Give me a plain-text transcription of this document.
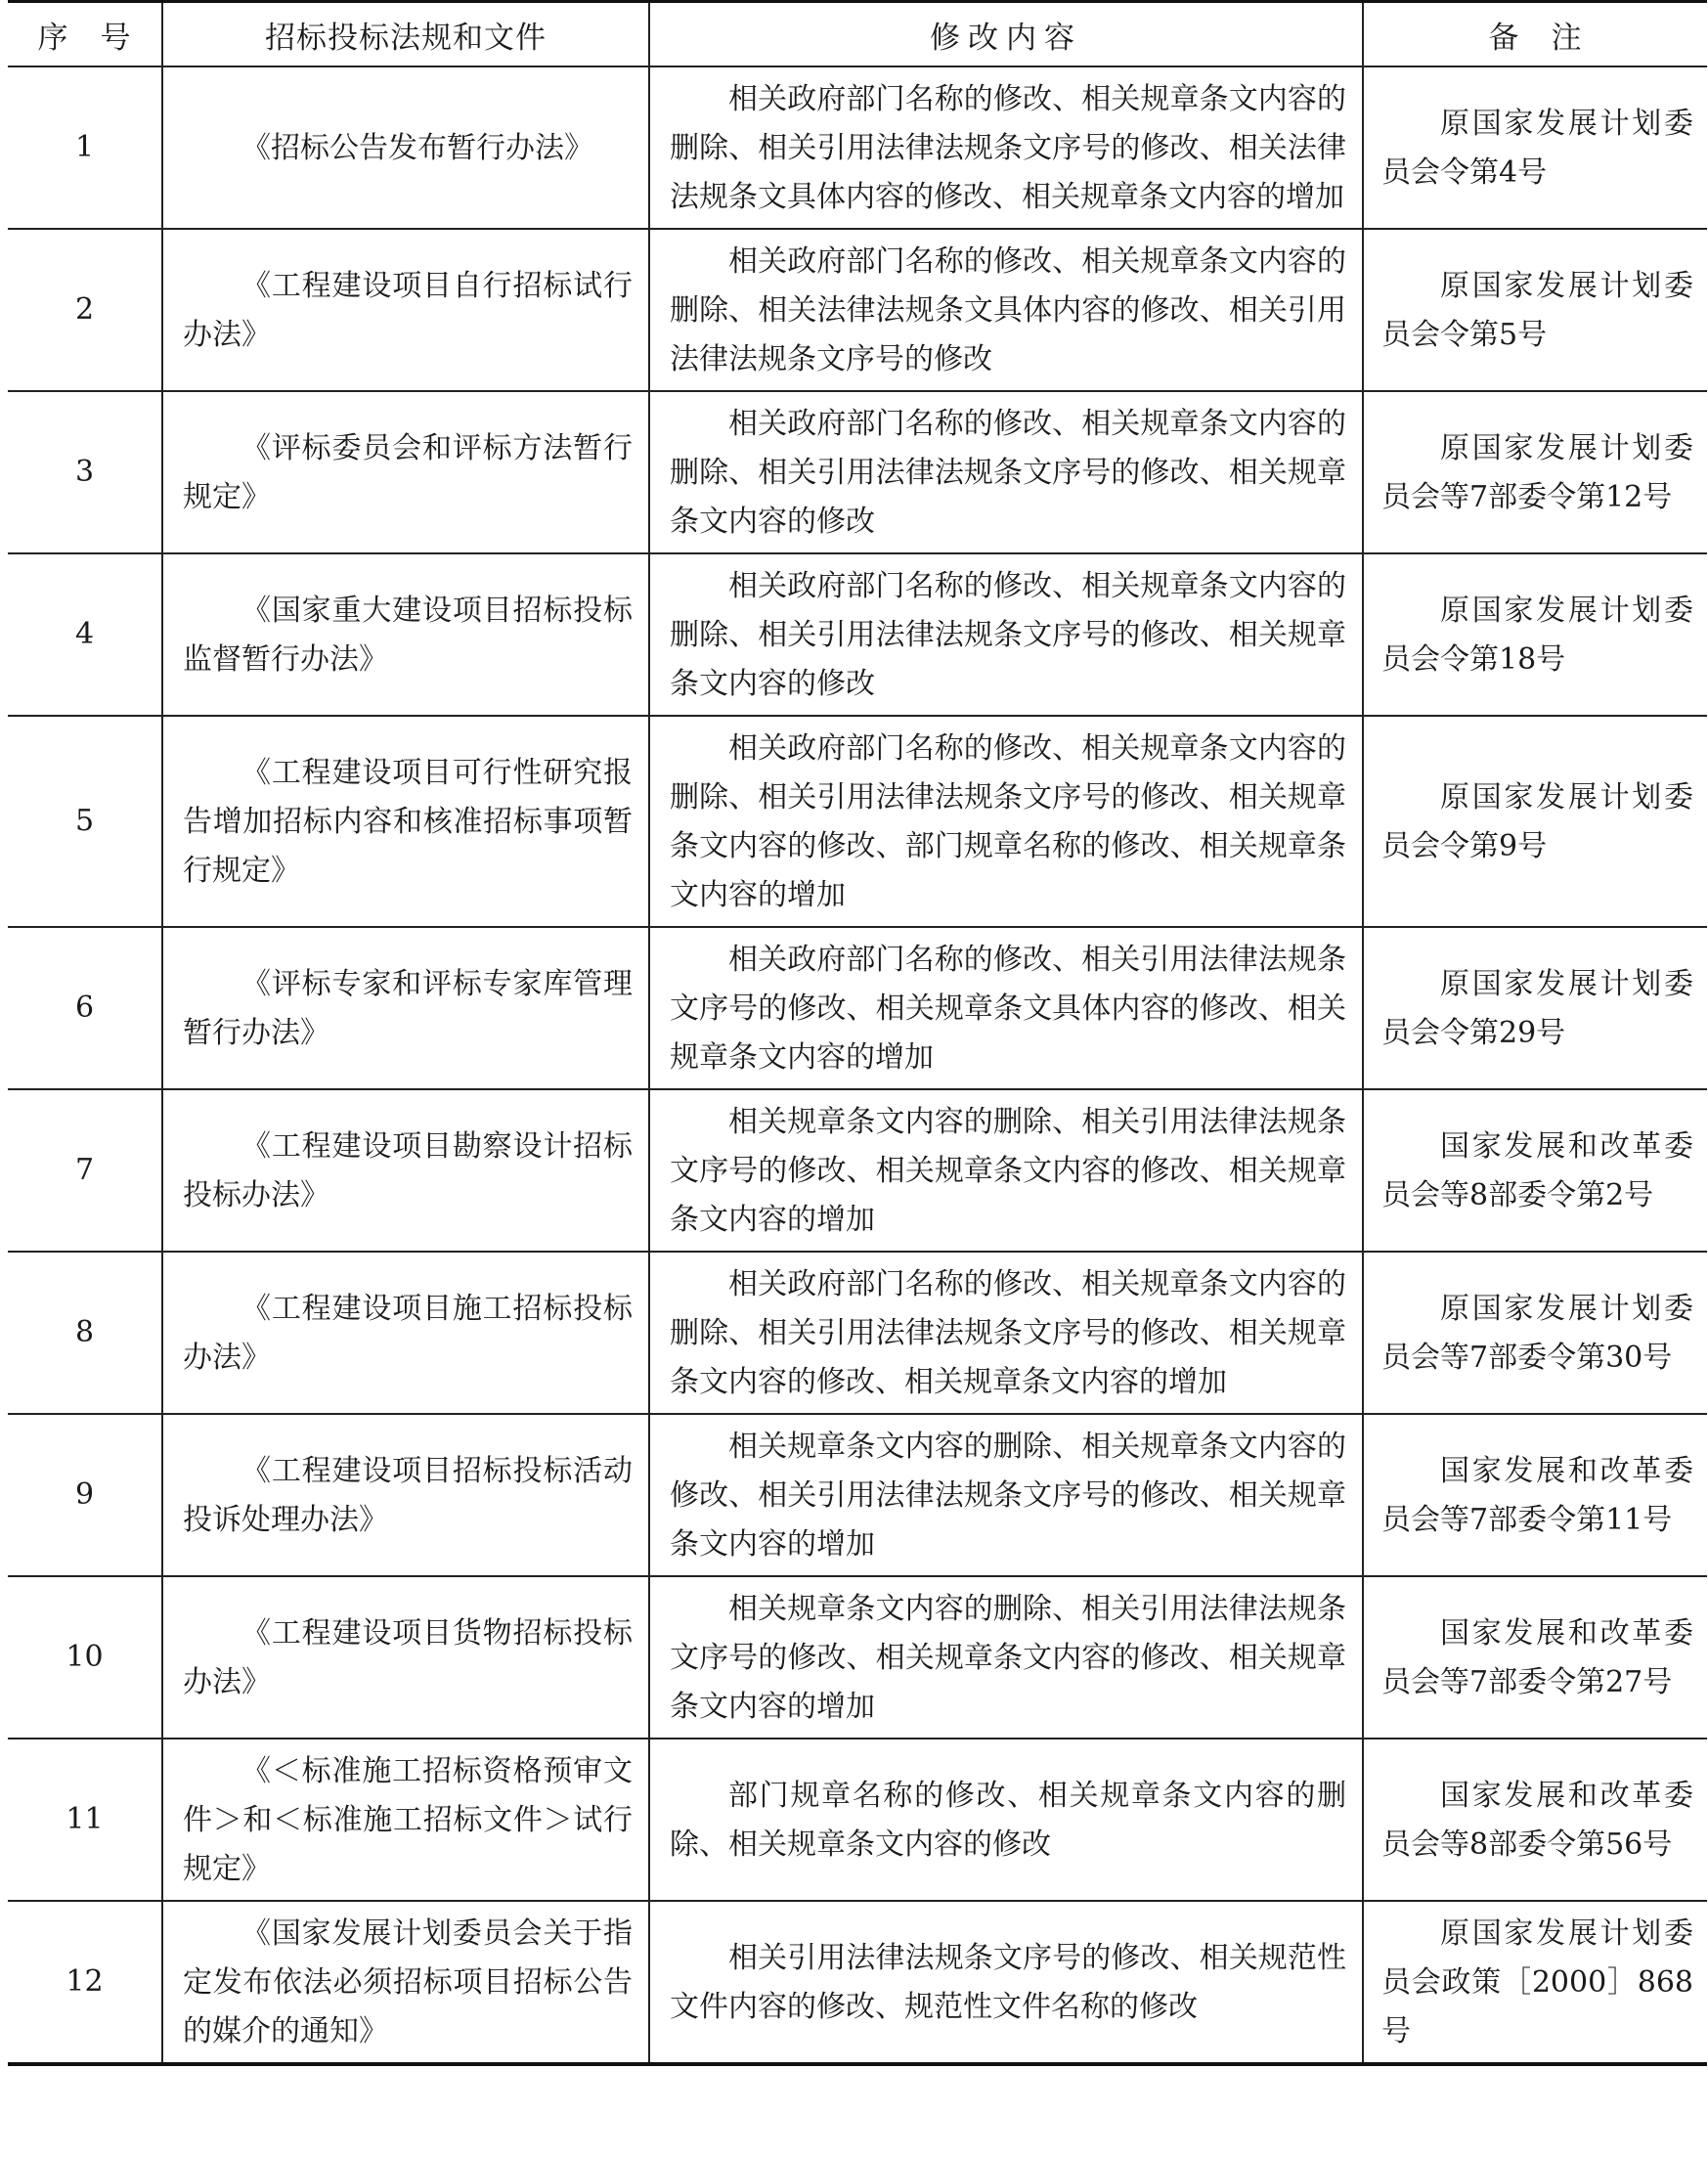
序　号	招标投标法规和文件	修改内容	备　注
1	《招标公告发布暂行办法》	相关政府部门名称的修改、相关规章条文内容的删除、相关引用法律法规条文序号的修改、相关法律法规条文具体内容的修改、相关规章条文内容的增加	原国家发展计划委员会令第4号

2	《工程建设项目自行招标试行办法》	相关政府部门名称的修改、相关规章条文内容的删除、相关法律法规条文具体内容的修改、相关引用法律法规条文序号的修改	原国家发展计划委员会令第5号

3	《评标委员会和评标方法暂行规定》	相关政府部门名称的修改、相关规章条文内容的删除、相关引用法律法规条文序号的修改、相关规章条文内容的修改	原国家发展计划委员会等7部委令第12号

4	《国家重大建设项目招标投标监督暂行办法》	相关政府部门名称的修改、相关规章条文内容的删除、相关引用法律法规条文序号的修改、相关规章条文内容的修改	原国家发展计划委员会令第18号

5	《工程建设项目可行性研究报告增加招标内容和核准招标事项暂行规定》	相关政府部门名称的修改、相关规章条文内容的删除、相关引用法律法规条文序号的修改、相关规章条文内容的修改、部门规章名称的修改、相关规章条文内容的增加	原国家发展计划委员会令第9号

6	《评标专家和评标专家库管理暂行办法》	相关政府部门名称的修改、相关引用法律法规条文序号的修改、相关规章条文具体内容的修改、相关规章条文内容的增加	原国家发展计划委员会令第29号

7	《工程建设项目勘察设计招标投标办法》	相关规章条文内容的删除、相关引用法律法规条文序号的修改、相关规章条文内容的修改、相关规章条文内容的增加	国家发展和改革委员会等8部委令第2号

8	《工程建设项目施工招标投标办法》	相关政府部门名称的修改、相关规章条文内容的删除、相关引用法律法规条文序号的修改、相关规章条文内容的修改、相关规章条文内容的增加	原国家发展计划委员会等7部委令第30号

9	《工程建设项目招标投标活动投诉处理办法》	相关规章条文内容的删除、相关规章条文内容的修改、相关引用法律法规条文序号的修改、相关规章条文内容的增加	国家发展和改革委员会等7部委令第11号

10	《工程建设项目货物招标投标办法》	相关规章条文内容的删除、相关引用法律法规条文序号的修改、相关规章条文内容的修改、相关规章条文内容的增加	国家发展和改革委员会等7部委令第27号

11	《＜标准施工招标资格预审文件＞和＜标准施工招标文件＞试行规定》	部门规章名称的修改、相关规章条文内容的删除、相关规章条文内容的修改	国家发展和改革委员会等8部委令第56号

12	《国家发展计划委员会关于指定发布依法必须招标项目招标公告的媒介的通知》	相关引用法律法规条文序号的修改、相关规范性文件内容的修改、规范性文件名称的修改	原国家发展计划委员会政策［2000］868号
